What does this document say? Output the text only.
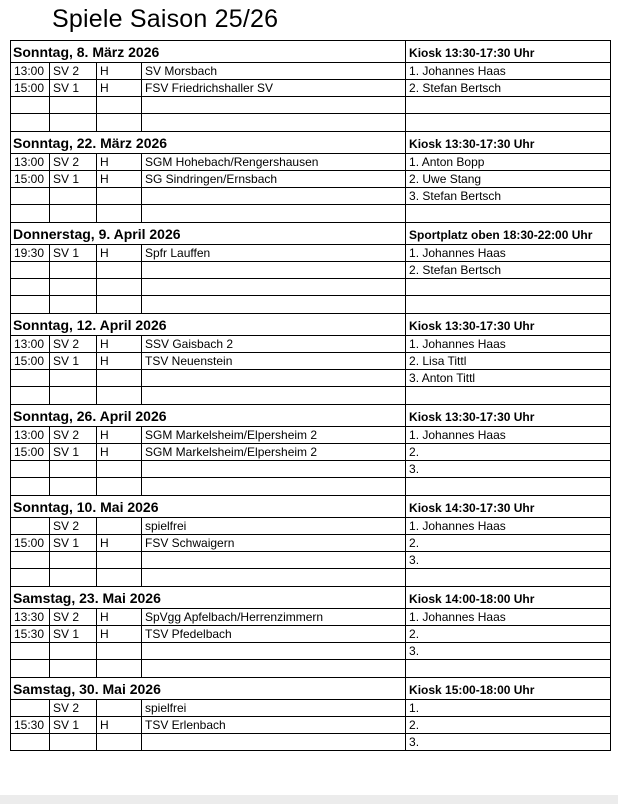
Spiele Saison 25/26
Sonntag, 8. März 2026				Kiosk 13:30-17:30 Uhr
13:00	SV 2	H	SV Morsbach	1. Johannes Haas
15:00	SV 1	H	FSV Friedrichshaller SV	2. Stefan Bertsch

Sonntag, 22. März 2026				Kiosk 13:30-17:30 Uhr
13:00	SV 2	H	SGM Hohebach/Rengershausen	1. Anton Bopp
15:00	SV 1	H	SG Sindringen/Ernsbach	2. Uwe Stang
				3. Stefan Bertsch

Donnerstag, 9. April 2026				Sportplatz oben 18:30-22:00 Uhr
19:30	SV 1	H	Spfr Lauffen	1. Johannes Haas
				2. Stefan Bertsch

Sonntag, 12. April 2026				Kiosk 13:30-17:30 Uhr
13:00	SV 2	H	SSV Gaisbach 2	1. Johannes Haas
15:00	SV 1	H	TSV Neuenstein	2. Lisa Tittl
				3. Anton Tittl

Sonntag, 26. April 2026				Kiosk 13:30-17:30 Uhr
13:00	SV 2	H	SGM Markelsheim/Elpersheim 2	1. Johannes Haas
15:00	SV 1	H	SGM Markelsheim/Elpersheim 2	2.
				3.

Sonntag, 10. Mai 2026				Kiosk 14:30-17:30 Uhr
	SV 2		spielfrei	1. Johannes Haas
15:00	SV 1	H	FSV Schwaigern	2.
				3.

Samstag, 23. Mai 2026				Kiosk 14:00-18:00 Uhr
13:30	SV 2	H	SpVgg Apfelbach/Herrenzimmern	1. Johannes Haas
15:30	SV 1	H	TSV Pfedelbach	2.
				3.

Samstag, 30. Mai 2026				Kiosk 15:00-18:00 Uhr
	SV 2		spielfrei	1.
15:30	SV 1	H	TSV Erlenbach	2.
				3.
